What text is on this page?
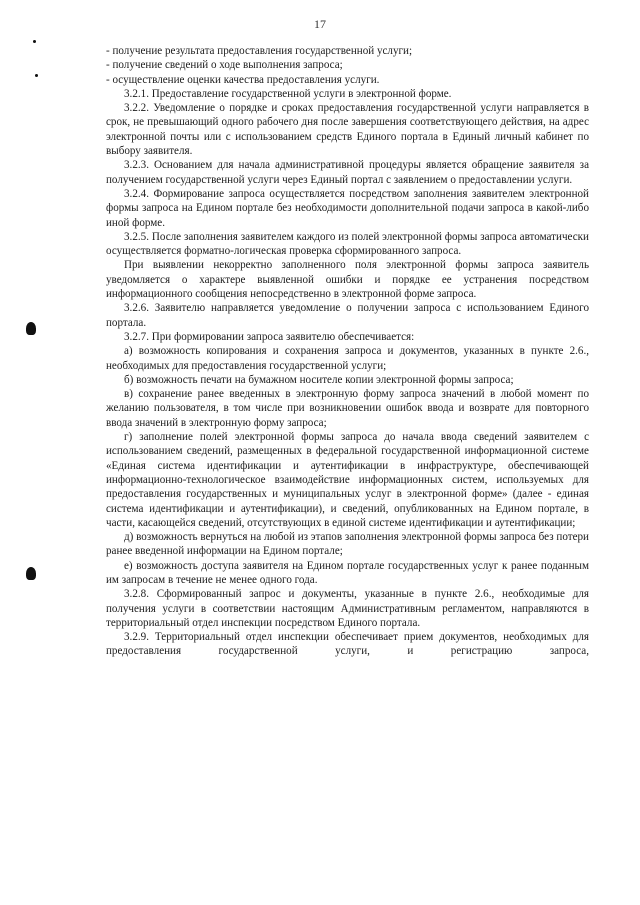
17

- получение результата предоставления государственной услуги;

- получение сведений о ходе выполнения запроса;

- осуществление оценки качества предоставления услуги.

3.2.1. Предоставление государственной услуги в электронной форме.

3.2.2. Уведомление о порядке и сроках предоставления государственной услуги направляется в срок, не превышающий одного рабочего дня после завершения соответствующего действия, на адрес электронной почты или с использованием средств Единого портала в Единый личный кабинет по выбору заявителя.

3.2.3. Основанием для начала административной процедуры является обращение заявителя за получением государственной услуги через Единый портал с заявлением о предоставлении услуги.

3.2.4. Формирование запроса осуществляется посредством заполнения заявителем электронной формы запроса на Едином портале без необходимости дополнительной подачи запроса в какой-либо иной форме.

3.2.5. После заполнения заявителем каждого из полей электронной формы запроса автоматически осуществляется форматно-логическая проверка сформированного запроса.

При выявлении некорректно заполненного поля электронной формы запроса заявитель уведомляется о характере выявленной ошибки и порядке ее устранения посредством информационного сообщения непосредственно в электронной форме запроса.

3.2.6. Заявителю направляется уведомление о получении запроса с использованием Единого портала.

3.2.7. При формировании запроса заявителю обеспечивается:

а) возможность копирования и сохранения запроса и документов, указанных в пункте 2.6., необходимых для предоставления государственной услуги;

б) возможность печати на бумажном носителе копии электронной формы запроса;

в) сохранение ранее введенных в электронную форму запроса значений в любой момент по желанию пользователя, в том числе при возникновении ошибок ввода и возврате для повторного ввода значений в электронную форму запроса;

г) заполнение полей электронной формы запроса до начала ввода сведений заявителем с использованием сведений, размещенных в федеральной государственной информационной системе «Единая система идентификации и аутентификации в инфраструктуре, обеспечивающей информационно-технологическое взаимодействие информационных систем, используемых для предоставления государственных и муниципальных услуг в электронной форме» (далее - единая система идентификации и аутентификации), и сведений, опубликованных на Едином портале, в части, касающейся сведений, отсутствующих в единой системе идентификации и аутентификации;

д) возможность вернуться на любой из этапов заполнения электронной формы запроса без потери ранее введенной информации на Едином портале;

е) возможность доступа заявителя на Едином портале государственных услуг к ранее поданным им запросам в течение не менее одного года.

3.2.8. Сформированный запрос и документы, указанные в пункте 2.6., необходимые для получения услуги в соответствии настоящим Административным регламентом, направляются в территориальный отдел инспекции посредством Единого портала.

3.2.9. Территориальный отдел инспекции обеспечивает прием документов, необходимых для предоставления государственной услуги, и регистрацию запроса,
